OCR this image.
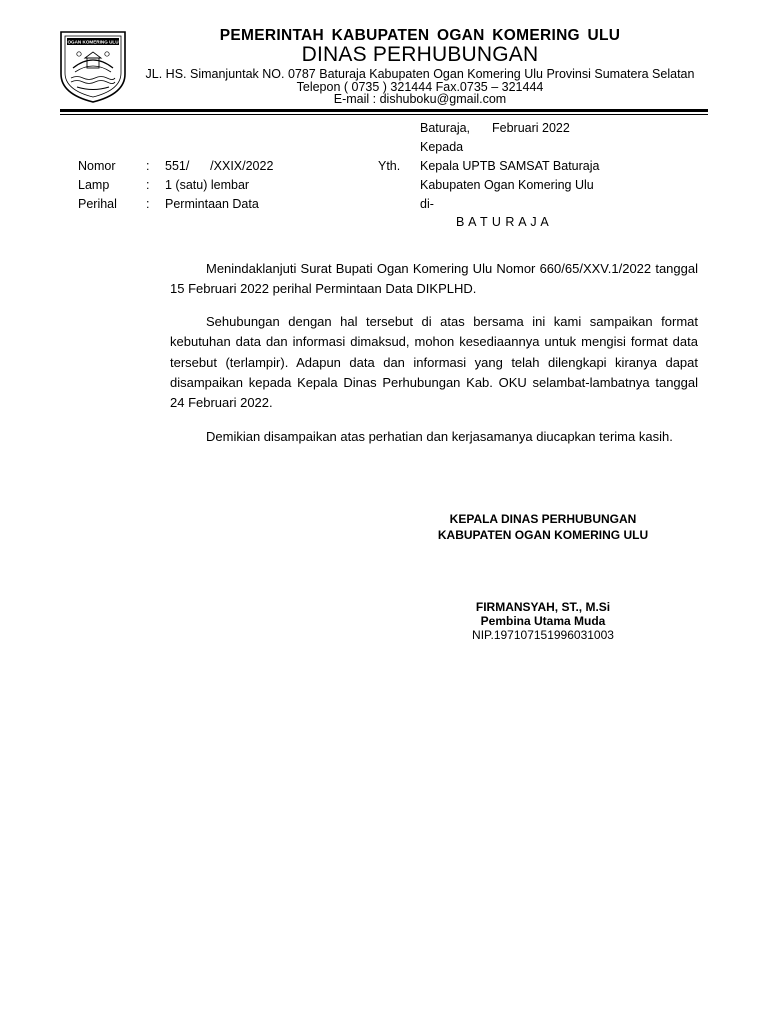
OGAN KOMERING ULU	PEMERINTAH KABUPATEN OGAN KOMERING ULU
DINAS PERHUBUNGAN
JL. HS. Simanjuntak NO. 0787 Baturaja Kabupaten Ogan Komering Ulu Provinsi Sumatera Selatan
Telepon ( 0735 ) 321444 Fax.0735 – 321444
E-mail : dishuboku@gmail.com
Baturaja, Februari 2022
Kepada
Yth. Kepala UPTB SAMSAT Baturaja
Kabupaten Ogan Komering Ulu
di-
B A T U R A J A
Nomor : 551/      /XXIX/2022
Lamp	: 1 (satu) lembar
Perihal : Permintaan Data

Menindaklanjuti Surat Bupati Ogan Komering Ulu Nomor 660/65/XXV.1/2022 tanggal 15 Februari 2022 perihal Permintaan Data DIKPLHD.

Sehubungan dengan hal tersebut di atas bersama ini kami sampaikan format kebutuhan data dan informasi dimaksud, mohon kesediaannya untuk mengisi format data tersebut (terlampir). Adapun data dan informasi yang telah dilengkapi kiranya dapat disampaikan kepada Kepala Dinas Perhubungan Kab. OKU selambat-lambatnya tanggal 24 Februari 2022.

Demikian disampaikan atas perhatian dan kerjasamanya diucapkan terima kasih.

KEPALA DINAS PERHUBUNGAN
KABUPATEN OGAN KOMERING ULU
FIRMANSYAH, ST., M.Si
Pembina Utama Muda
NIP.197107151996031003
